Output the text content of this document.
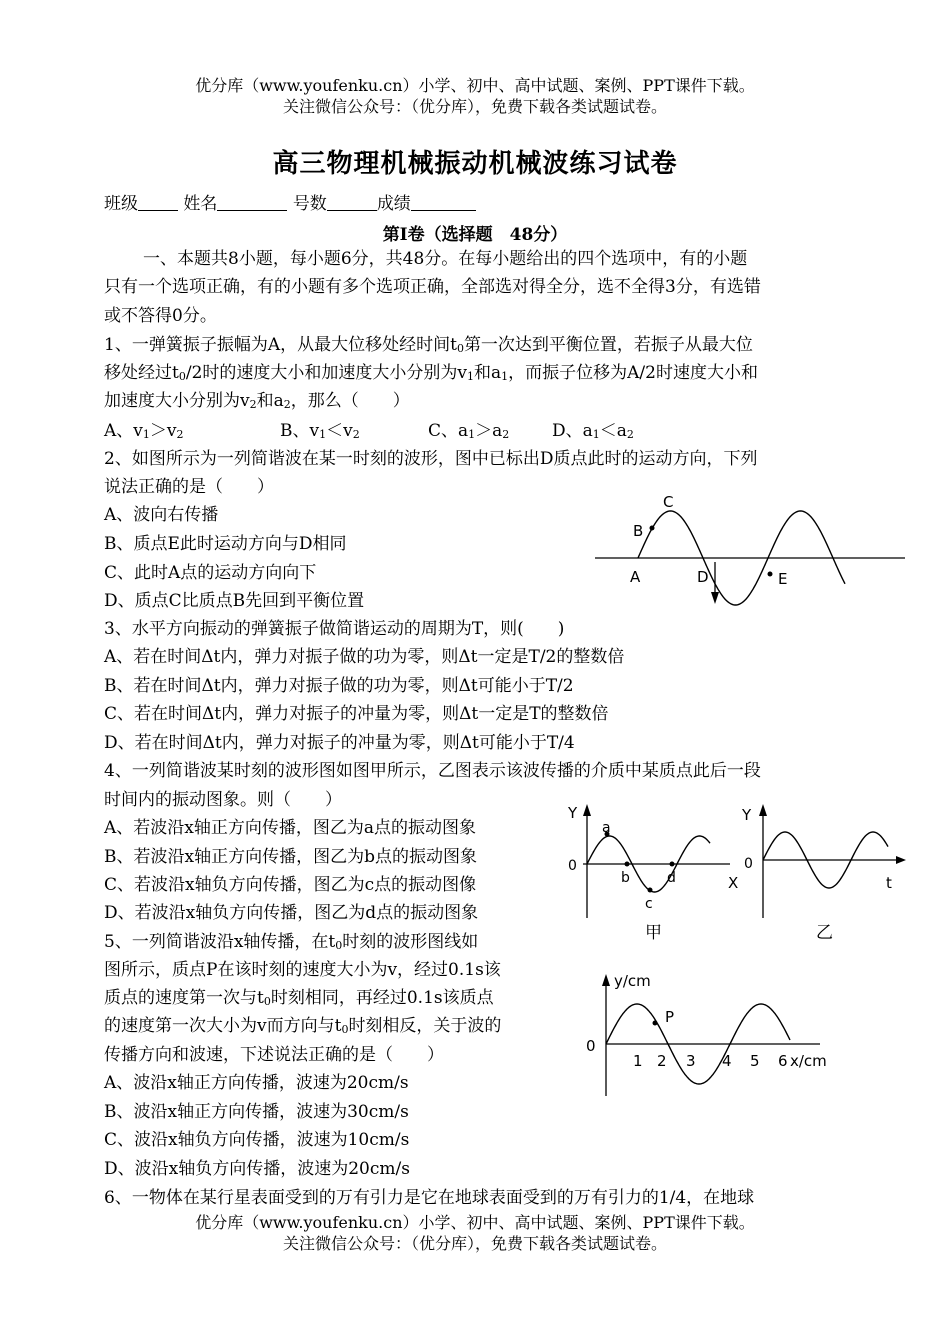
优分库（www.youfenku.cn）小学、初中、高中试题、案例、PPT课件下载。
关注微信公众号：（优分库），免费下载各类试题试卷。
高三物理机械振动机械波练习试卷
班级	姓名	号数	成绩
第Ⅰ卷（选择题　48分）
一、本题共8小题，每小题6分，共48分。在每小题给出的四个选项中，有的小题
只有一个选项正确，有的小题有多个选项正确，全部选对得全分，选不全得3分，有选错
或不答得0分。
1、一弹簧振子振幅为A，从最大位移处经时间$t_0$第一次达到平衡位置，若振子从最大位
移处经过$t_0/2$时的速度大小和加速度大小分别为$v_1$和$a_1$，而振子位移为A/2时速度大小和
加速度大小分别为$v_2$和$a_2$，那么（　　）
A、$v_1>v_2$	B、$v_1<v_2$	C、$a_1>a_2$	D、$a_1<a_2$
2、如图所示为一列简谐波在某一时刻的波形，图中已标出D质点此时的运动方向，下列
说法正确的是（　　）
A、波向右传播
B、质点E此时运动方向与D相同
C、此时A点的运动方向向下
D、质点C比质点B先回到平衡位置
C
B
A	D	E
3、水平方向振动的弹簧振子做简谐运动的周期为T，则(　　)
A、若在时间Δt内，弹力对振子做的功为零，则Δt一定是T/2的整数倍
B、若在时间Δt内，弹力对振子做的功为零，则Δt可能小于T/2
C、若在时间Δt内，弹力对振子的冲量为零，则Δt一定是T的整数倍
D、若在时间Δt内，弹力对振子的冲量为零，则Δt可能小于T/4
4、一列简谐波某时刻的波形图如图甲所示，乙图表示该波传播的介质中某质点此后一段
时间内的振动图象。则（　　）
A、若波沿x轴正方向传播，图乙为a点的振动图象
B、若波沿x轴正方向传播，图乙为b点的振动图象
C、若波沿x轴负方向传播，图乙为c点的振动图像
D、若波沿x轴负方向传播，图乙为d点的振动图象
Y
0
a
b
c
d	X
甲
Y
0
t
乙
5、一列简谐波沿x轴传播，在$t_0$时刻的波形图线如
图所示，质点P在该时刻的速度大小为v，经过0.1s该
质点的速度第一次与$t_0$时刻相同，再经过0.1s该质点
的速度第一次大小为v而方向与$t_0$时刻相反，关于波的
传播方向和波速，下述说法正确的是（　　）
A、波沿x轴正方向传播，波速为20cm/s
B、波沿x轴正方向传播，波速为30cm/s
C、波沿x轴负方向传播，波速为10cm/s
D、波沿x轴负方向传播，波速为20cm/s
y/cm
0
P
1 2 3 4 5 6 x/cm
6、一物体在某行星表面受到的万有引力是它在地球表面受到的万有引力的1/4，在地球
优分库（www.youfenku.cn）小学、初中、高中试题、案例、PPT课件下载。
关注微信公众号：（优分库），免费下载各类试题试卷。
